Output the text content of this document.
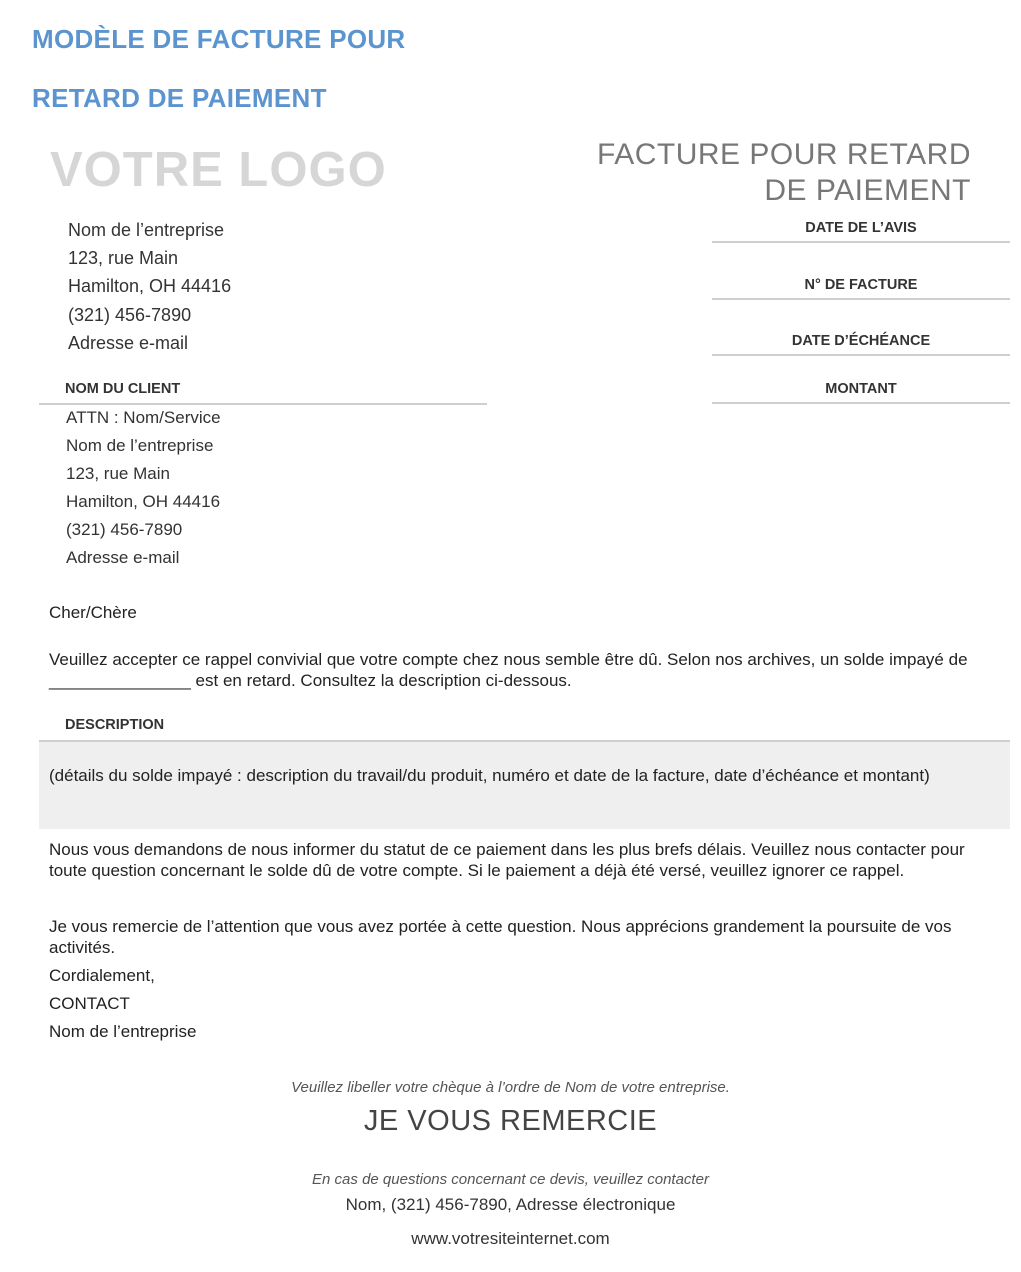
MODÈLE DE FACTURE POUR
RETARD DE PAIEMENT
VOTRE LOGO	FACTURE POUR RETARD
DE PAIEMENT
Nom de l’entreprise
123, rue Main
Hamilton, OH 44416
(321) 456-7890
Adresse e-mail
DATE DE L’AVIS
N° DE FACTURE
DATE D’ÉCHÉANCE
MONTANT
NOM DU CLIENT
ATTN : Nom/Service
Nom de l’entreprise
123, rue Main
Hamilton, OH 44416
(321) 456-7890
Adresse e-mail
Cher/Chère
Veuillez accepter ce rappel convivial que votre compte chez nous semble être dû. Selon nos archives, un solde impayé de _______________ est en retard. Consultez la description ci-dessous.
DESCRIPTION
(détails du solde impayé : description du travail/du produit, numéro et date de la facture, date d’échéance et montant)
Nous vous demandons de nous informer du statut de ce paiement dans les plus brefs délais. Veuillez nous contacter pour toute question concernant le solde dû de votre compte. Si le paiement a déjà été versé, veuillez ignorer ce rappel.
Je vous remercie de l’attention que vous avez portée à cette question. Nous apprécions grandement la poursuite de vos activités.
Cordialement,
CONTACT
Nom de l’entreprise
Veuillez libeller votre chèque à l’ordre de Nom de votre entreprise.
JE VOUS REMERCIE
En cas de questions concernant ce devis, veuillez contacter
Nom, (321) 456-7890, Adresse électronique
www.votresiteinternet.com
